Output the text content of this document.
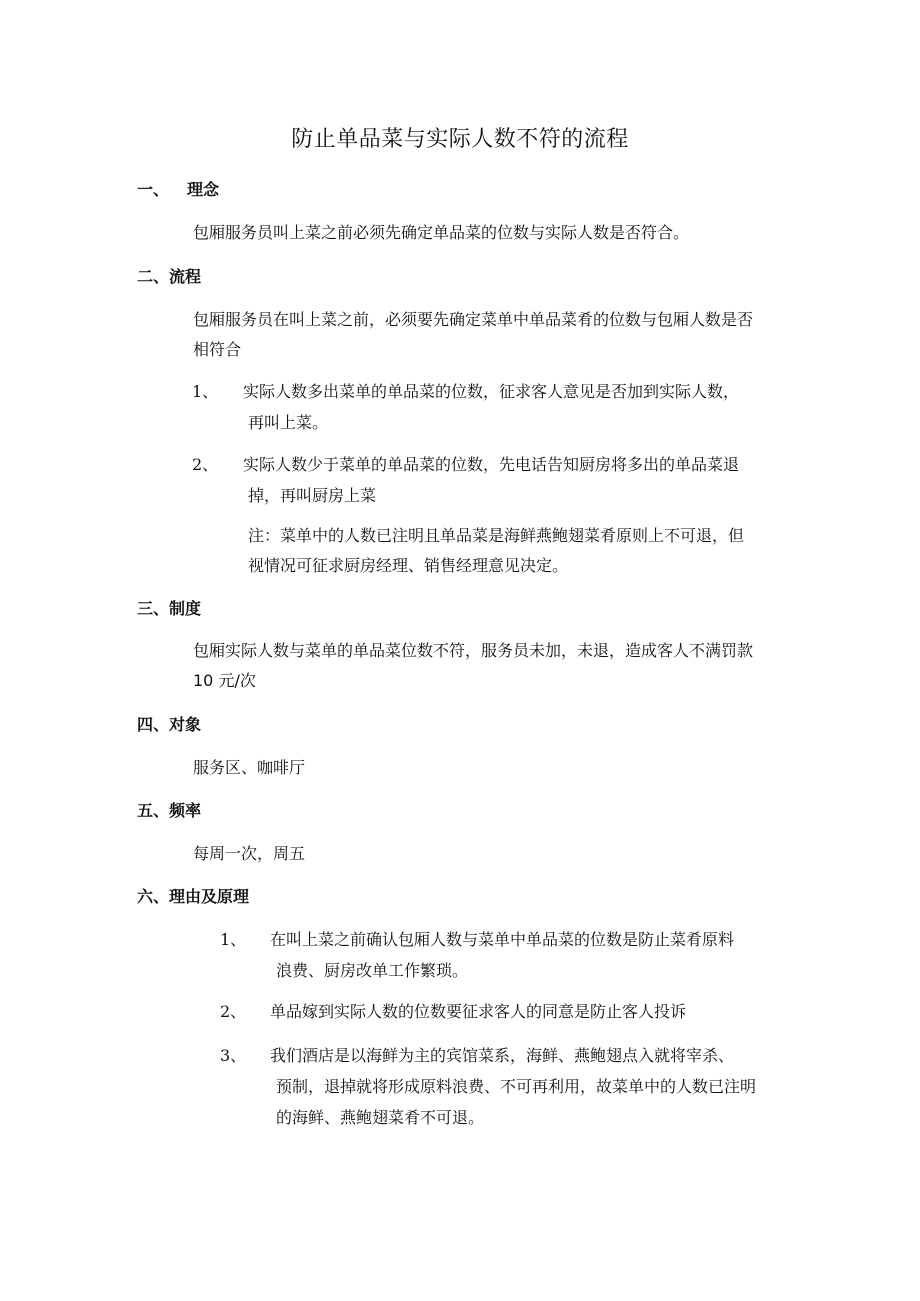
防止单品菜与实际人数不符的流程
一、 理念
包厢服务员叫上菜之前必须先确定单品菜的位数与实际人数是否符合。
二、流程
包厢服务员在叫上菜之前，必须要先确定菜单中单品菜肴的位数与包厢人数是否
相符合
1、 实际人数多出菜单的单品菜的位数，征求客人意见是否加到实际人数，
再叫上菜。
2、 实际人数少于菜单的单品菜的位数，先电话告知厨房将多出的单品菜退
掉，再叫厨房上菜
注：菜单中的人数已注明且单品菜是海鲜燕鲍翅菜肴原则上不可退，但
视情况可征求厨房经理、销售经理意见决定。
三、制度
包厢实际人数与菜单的单品菜位数不符，服务员未加，未退，造成客人不满罚款
10 元/次
四、对象
服务区、咖啡厅
五、频率
每周一次，周五
六、理由及原理
1、 在叫上菜之前确认包厢人数与菜单中单品菜的位数是防止菜肴原料
浪费、厨房改单工作繁琐。
2、 单品嫁到实际人数的位数要征求客人的同意是防止客人投诉
3、 我们酒店是以海鲜为主的宾馆菜系，海鲜、燕鲍翅点入就将宰杀、
预制，退掉就将形成原料浪费、不可再利用，故菜单中的人数已注明
的海鲜、燕鲍翅菜肴不可退。
